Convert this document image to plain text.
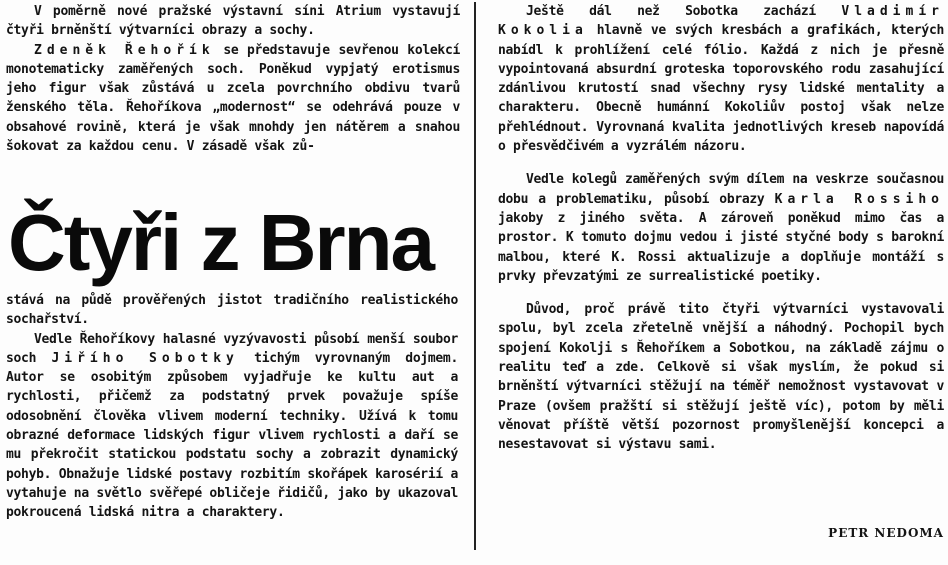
V poměrně nové pražské výstavní síni Atrium vystavují čtyři brněnští výtvarníci obrazy a sochy.

Zdeněk Řehořík se představuje sevřenou kolekcí monotematicky zaměřených soch. Poněkud vypjatý erotismus jeho figur však zůstává u zcela povrchního obdivu tvarů ženského těla. Řehoříkova „modernost“ se odehrává pouze v obsahové rovině, která je však mnohdy jen nátěrem a snahou šokovat za každou cenu. V zásadě však zů-

Čtyři z Brna

stává na půdě prověřených jistot tradičního realistického sochařství.

Vedle Řehoříkovy halasné vyzývavosti působí menší soubor soch Jiřího Sobotky tichým vyrovnaným dojmem. Autor se osobitým způsobem vyjadřuje ke kultu aut a rychlosti, přičemž za podstatný prvek považuje spíše odosobnění člověka vlivem moderní techniky. Užívá k tomu obrazné deformace lidských figur vlivem rychlosti a daří se mu překročit statickou podstatu sochy a zobrazit dynamický pohyb. Obnažuje lidské postavy rozbitím skořápek karosérií a vytahuje na světlo svěřepé obličeje řidičů, jako by ukazoval pokroucená lidská nitra a charaktery.

Ještě dál než Sobotka zachází Vladimír Kokolia hlavně ve svých kresbách a grafikách, kterých nabídl k prohlížení celé fólio. Každá z nich je přesně vypointovaná absurdní groteska toporovského rodu zasahující zdánlivou krutostí snad všechny rysy lidské mentality a charakteru. Obecně humánní Kokoliův postoj však nelze přehlédnout. Vyrovnaná kvalita jednotlivých kreseb napovídá o přesvědčivém a vyzrálém názoru.

Vedle kolegů zaměřených svým dílem na veskrze současnou dobu a problematiku, působí obrazy Karla Rossiho jakoby z jiného světa. A zároveň poněkud mimo čas a prostor. K tomuto dojmu vedou i jisté styčné body s barokní malbou, které K. Rossi aktualizuje a doplňuje montáží s prvky převzatými ze surrealistické poetiky.

Důvod, proč právě tito čtyři výtvarníci vystavovali spolu, byl zcela zřetelně vnější a náhodný. Pochopil bych spojení Kokolji s Řehoříkem a Sobotkou, na základě zájmu o realitu teď a zde. Celkově si však myslím, že pokud si brněnští výtvarníci stěžují na téměř nemožnost vystavovat v Praze (ovšem pražští si stěžují ještě víc), potom by měli věnovat příště větší pozornost promyšlenější koncepci a nesestavovat si výstavu sami.

PETR NEDOMA
